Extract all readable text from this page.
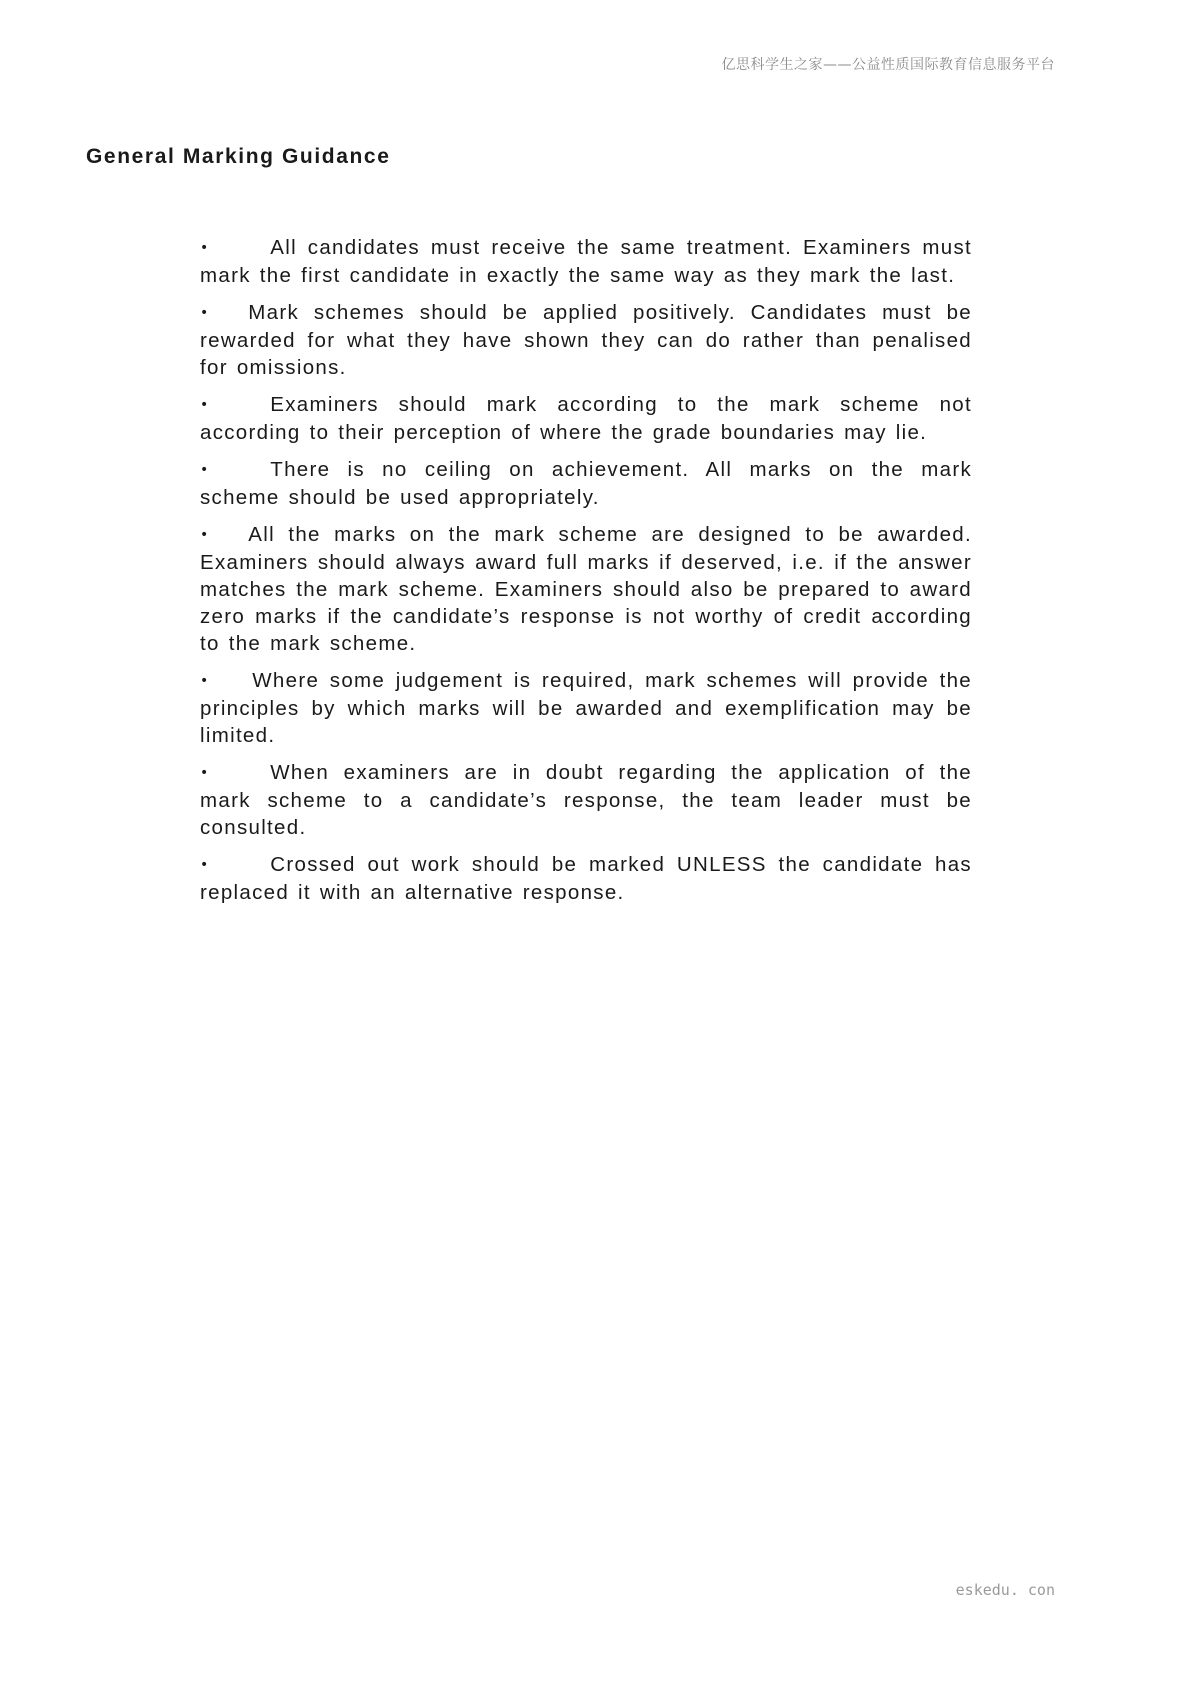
亿思科学生之家——公益性质国际教育信息服务平台
General Marking Guidance
•	All candidates must receive the same treatment. Examiners must mark the first candidate in exactly the same way as they mark the last.
• Mark schemes should be applied positively. Candidates must be rewarded for what they have shown they can do rather than penalised for omissions.
•	Examiners should mark according to the mark scheme not according to their perception of where the grade boundaries may lie.
•	There is no ceiling on achievement. All marks on the mark scheme should be used appropriately.
• All the marks on the mark scheme are designed to be awarded. Examiners should always award full marks if deserved, i.e. if the answer matches the mark scheme. Examiners should also be prepared to award zero marks if the candidate’s response is not worthy of credit according to the mark scheme.
• Where some judgement is required, mark schemes will provide the principles by which marks will be awarded and exemplification may be limited.
•	When examiners are in doubt regarding the application of the mark scheme to a candidate’s response, the team leader must be consulted.
•	Crossed out work should be marked UNLESS the candidate has replaced it with an alternative response.
eskedu. con
